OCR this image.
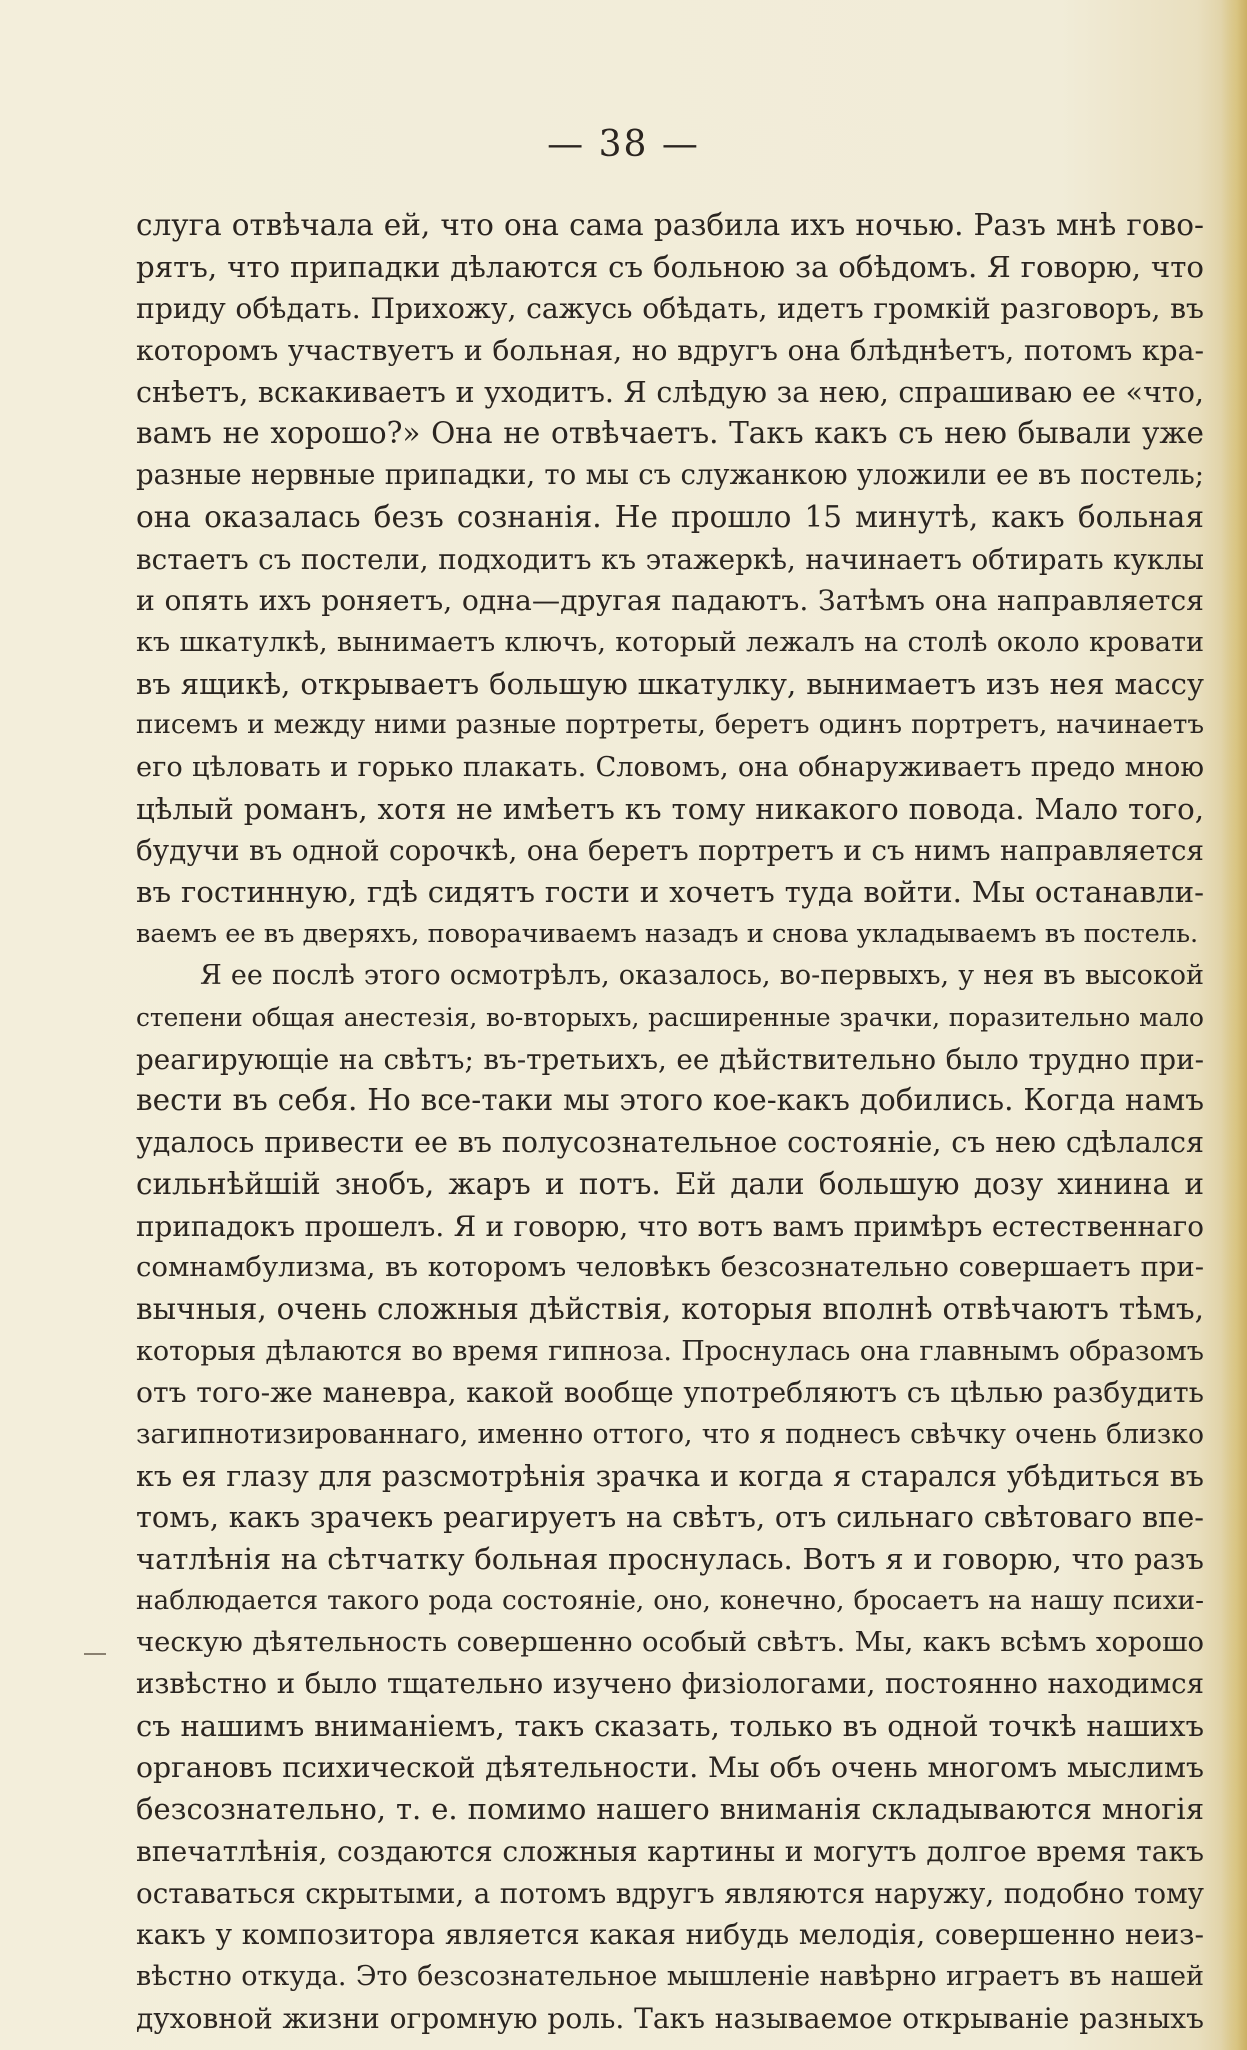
— 38 —
слуга отвѣчала ей, что она сама разбила ихъ ночью. Разъ мнѣ гово-
рятъ, что припадки дѣлаются съ больною за обѣдомъ. Я говорю, что
приду обѣдать. Прихожу, сажусь обѣдать, идетъ громкій разговоръ, въ
которомъ участвуетъ и больная, но вдругъ она блѣднѣетъ, потомъ кра-
снѣетъ, вскакиваетъ и уходитъ. Я слѣдую за нею, спрашиваю ее «что,
вамъ не хорошо?» Она не отвѣчаетъ. Такъ какъ съ нею бывали уже
разные нервные припадки, то мы съ служанкою уложили ее въ постель;
она оказалась безъ сознанія. Не прошло 15 минутѣ, какъ больная
встаетъ съ постели, подходитъ къ этажеркѣ, начинаетъ обтирать куклы
и опять ихъ роняетъ, одна—другая падаютъ. Затѣмъ она направляется
къ шкатулкѣ, вынимаетъ ключъ, который лежалъ на столѣ около кровати
въ ящикѣ, открываетъ большую шкатулку, вынимаетъ изъ нея массу
писемъ и между ними разные портреты, беретъ одинъ портретъ, начинаетъ
его цѣловать и горько плакать. Словомъ, она обнаруживаетъ предо мною
цѣлый романъ, хотя не имѣетъ къ тому никакого повода. Мало того,
будучи въ одной сорочкѣ, она беретъ портретъ и съ нимъ направляется
въ гостинную, гдѣ сидятъ гости и хочетъ туда войти. Мы останавли-
ваемъ ее въ дверяхъ, поворачиваемъ назадъ и снова укладываемъ въ постель.
Я ее послѣ этого осмотрѣлъ, оказалось, во-первыхъ, у нея въ высокой
степени общая анестезія, во-вторыхъ, расширенные зрачки, поразительно мало
реагирующіе на свѣтъ; въ-третьихъ, ее дѣйствительно было трудно при-
вести въ себя. Но все-таки мы этого кое-какъ добились. Когда намъ
удалось привести ее въ полусознательное состояніе, съ нею сдѣлался
сильнѣйшій знобъ, жаръ и потъ. Ей дали большую дозу хинина и
припадокъ прошелъ. Я и говорю, что вотъ вамъ примѣръ естественнаго
сомнамбулизма, въ которомъ человѣкъ безсознательно совершаетъ при-
вычныя, очень сложныя дѣйствія, которыя вполнѣ отвѣчаютъ тѣмъ,
которыя дѣлаются во время гипноза. Проснулась она главнымъ образомъ
отъ того-же маневра, какой вообще употребляютъ съ цѣлью разбудить
загипнотизированнаго, именно оттого, что я поднесъ свѣчку очень близко
къ ея глазу для разсмотрѣнія зрачка и когда я старался убѣдиться въ
томъ, какъ зрачекъ реагируетъ на свѣтъ, отъ сильнаго свѣтоваго впе-
чатлѣнія на сѣтчатку больная проснулась. Вотъ я и говорю, что разъ
наблюдается такого рода состояніе, оно, конечно, бросаетъ на нашу психи-
ческую дѣятельность совершенно особый свѣтъ. Мы, какъ всѣмъ хорошо
извѣстно и было тщательно изучено физіологами, постоянно находимся
съ нашимъ вниманіемъ, такъ сказать, только въ одной точкѣ нашихъ
органовъ психической дѣятельности. Мы объ очень многомъ мыслимъ
безсознательно, т. е. помимо нашего вниманія складываются многія
впечатлѣнія, создаются сложныя картины и могутъ долгое время такъ
оставаться скрытыми, а потомъ вдругъ являются наружу, подобно тому
какъ у композитора является какая нибудь мелодія, совершенно неиз-
вѣстно откуда. Это безсознательное мышленіе навѣрно играетъ въ нашей
духовной жизни огромную роль. Такъ называемое открываніе разныхъ
